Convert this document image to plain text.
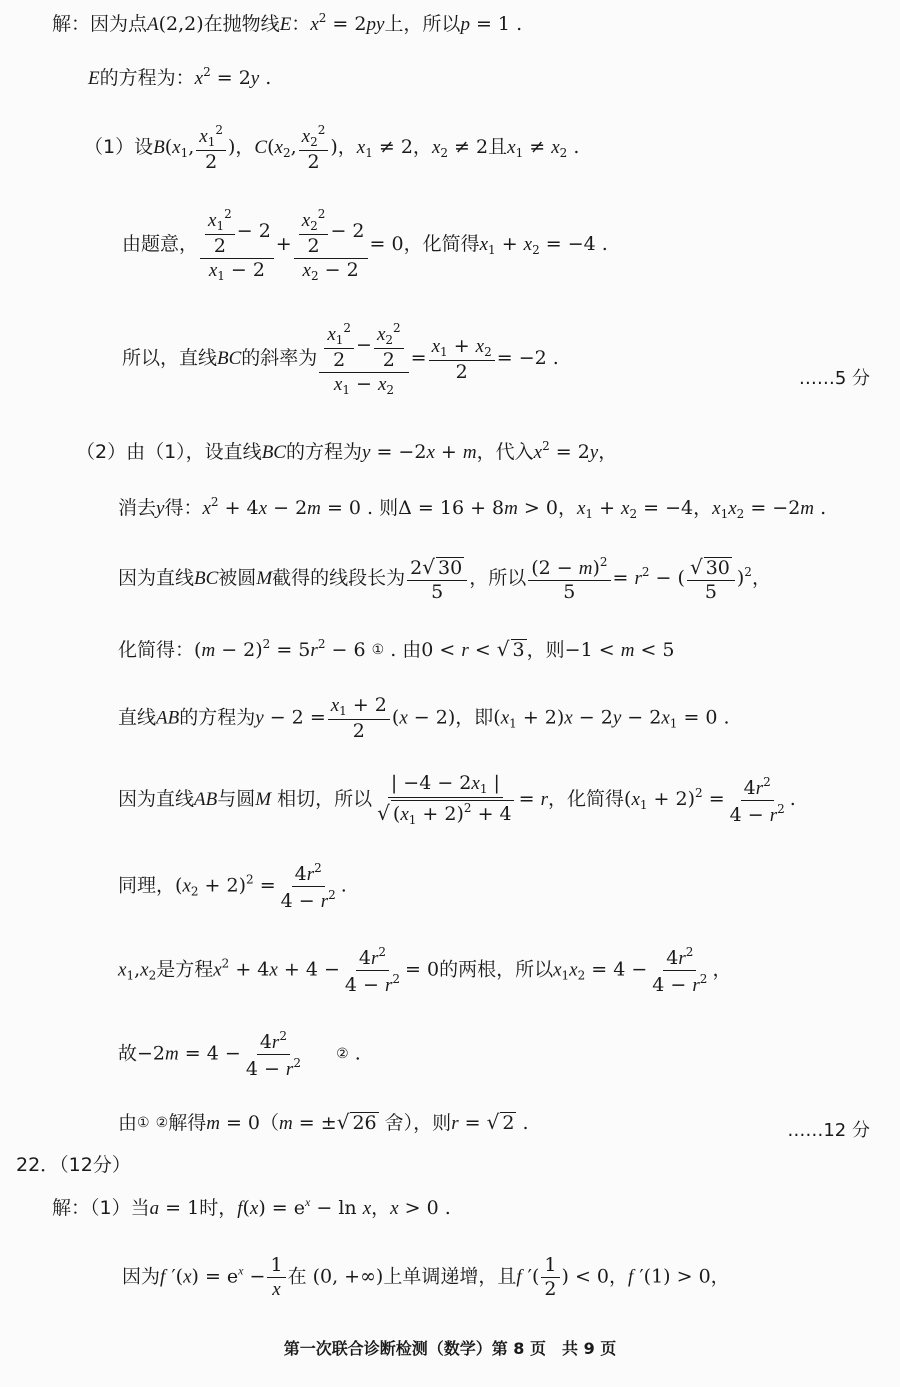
解：因为点A(2,2)在抛物线E：$x^2 = 2py$上，所以p = 1 .
E的方程为：$x^2 = 2y$ .
（1）设$B(x_1$, $\frac{x_1^2}{2}$ )，$C(x_2$, $\frac{x_2^2}{2}$ )，$x_1 \ne 2$，$x_2 \ne 2$且$x_1 \ne x_2$ .
由题意， $\frac{\frac{x_1^2}{2} - 2}{x_1 - 2} + \frac{\frac{x_2^2}{2} - 2}{x_2 - 2} = 0$，化简得$x_1 + x_2 = -4$ .
所以，直线BC的斜率为 $\frac{\frac{x_1^2}{2} - \frac{x_2^2}{2}}{x_1 - x_2} = \frac{x_1 + x_2}{2} = -2$ .
……5 分
（2）由（1），设直线BC的方程为y = −2x + m，代入$x^2 = 2y$，
消去y得：$x^2 + 4x - 2m = 0$ . 则Δ = 16 + 8m > 0，$x_1 + x_2 = -4$，$x_1x_2 = -2m$ .
因为直线BC被圆M截得的线段长为 $\frac{2√ 30}{5}$ ，所以 $\frac{(2 - m)^2}{5} = r^2$ − ( $\frac{√ 30}{5} )^2$，
化简得：$(m - 2)^2 = 5r^2 - 6$ ① . 由0 < r < √ 3 ，则−1 < m < 5
直线AB的方程为$y - 2 = \frac{x_1 + 2}{2} (x - 2)$，即$(x_1 + 2)x - 2y - 2x_1 = 0$ .
因为直线AB与圆M 相切，所以 $\frac{| -4 - 2x_1 |}{√ (x_1 + 2)^2 + 4} = r$，化简得$(x_1 + 2)^2 = \frac{4r^2}{4 - r^2}$ .
同理，$(x_2 + 2)^2 = \frac{4r^2}{4 - r^2}$ .
$x_1,x_2$是方程$x^2 + 4x + 4 - \frac{4r^2}{4 - r^2} = 0$的两根，所以$x_1x_2 = 4 - \frac{4r^2}{4 - r^2}$ ，
故$-2m = 4 - \frac{4r^2}{4 - r^2}$ ② .
由① ②解得m = 0（m = ±√ 26 舍），则r = √ 2 .	……12 分
22．（12分）
解：（1）当a = 1时，$f(x) = e^x - \ln x$，x > 0 .
因为f $'(x) = e^x - \frac{1}{x}$ 在 (0, +∞)上单调递增，且f ′( $\frac{1}{2}$ ) < 0，f ′(1) > 0，
第一次联合诊断检测（数学）第 8 页　共 9 页
